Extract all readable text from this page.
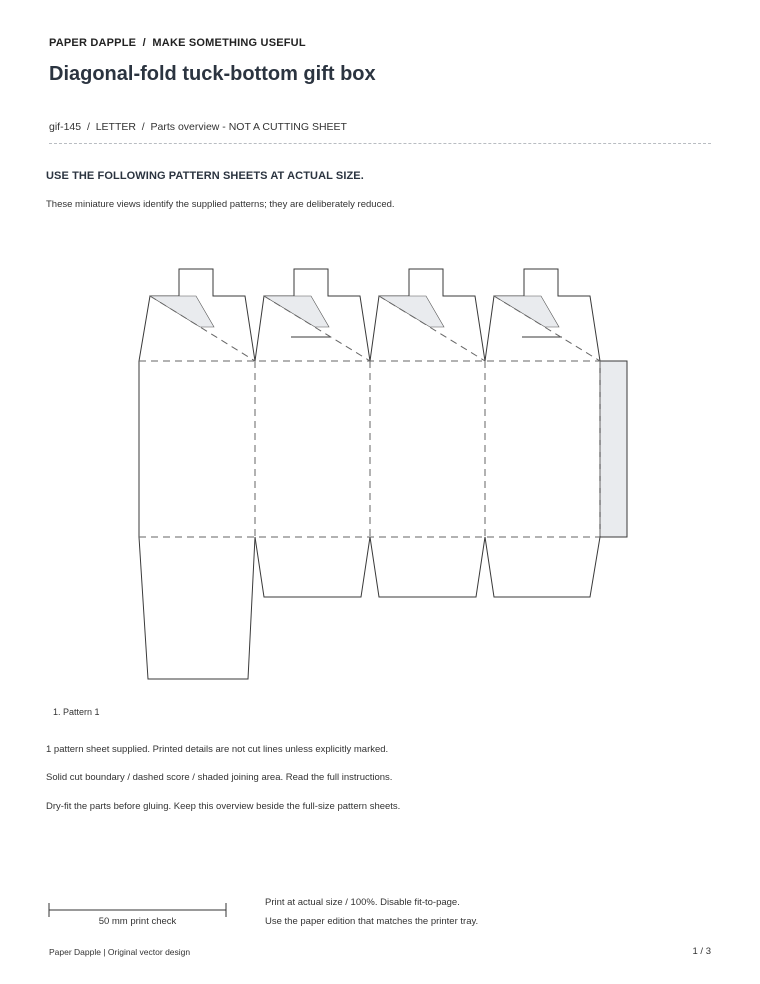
PAPER DAPPLE  /  MAKE SOMETHING USEFUL
Diagonal-fold tuck-bottom gift box
gif-145  /  LETTER  /  Parts overview - NOT A CUTTING SHEET
USE THE FOLLOWING PATTERN SHEETS AT ACTUAL SIZE.
These miniature views identify the supplied patterns; they are deliberately reduced.
1. Pattern 1
1 pattern sheet supplied. Printed details are not cut lines unless explicitly marked.
Solid cut boundary / dashed score / shaded joining area. Read the full instructions.
Dry-fit the parts before gluing. Keep this overview beside the full-size pattern sheets.
50 mm print check
Print at actual size / 100%. Disable fit-to-page.
Use the paper edition that matches the printer tray.
Paper Dapple | Original vector design	1 / 3
